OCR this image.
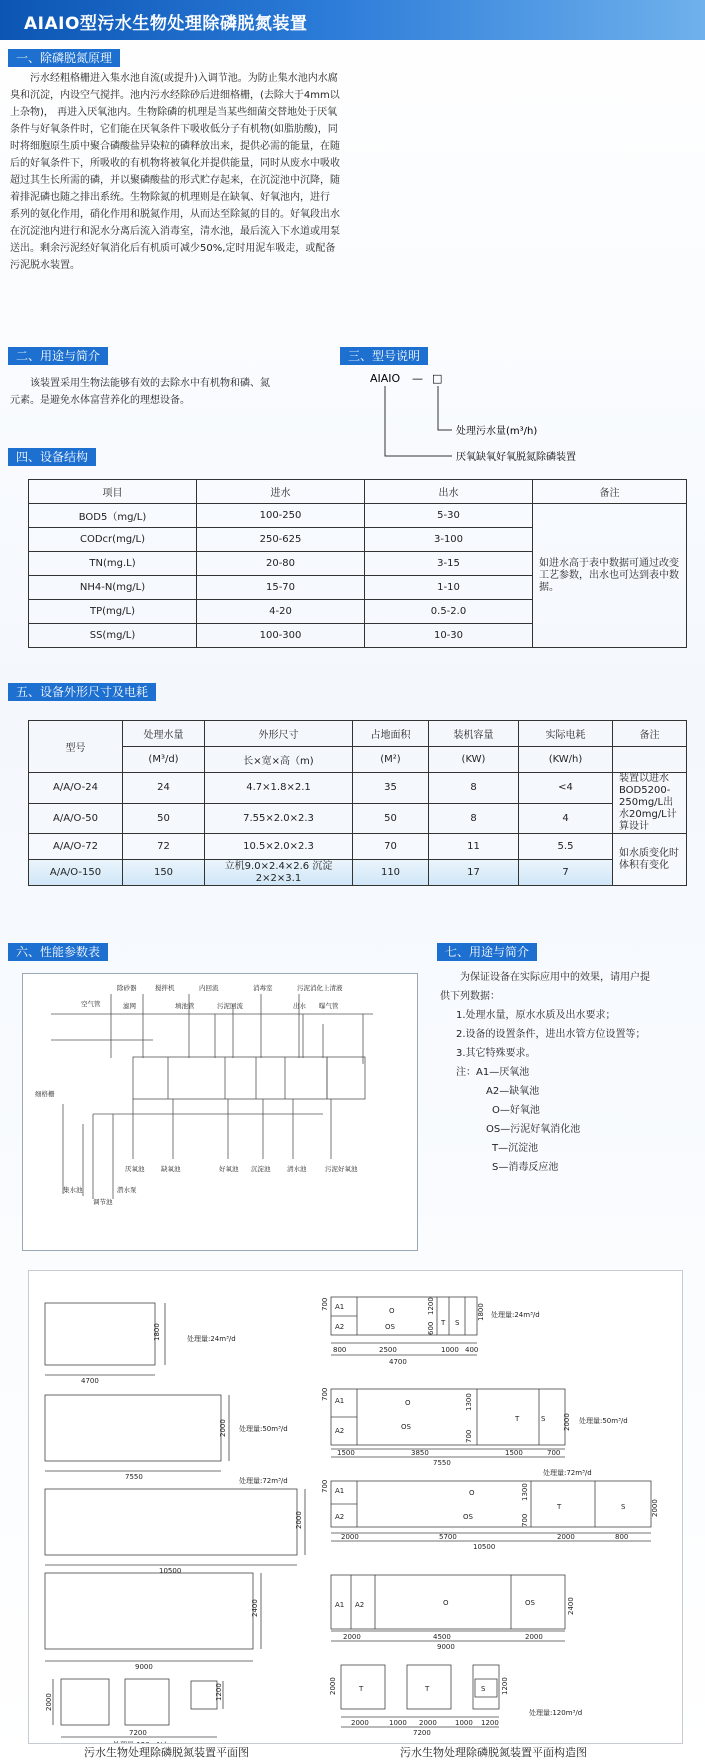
AIAIO型污水生物处理除磷脱氮装置
一、除磷脱氮原理
污水经粗格栅进入集水池自流(或提升)入调节池。为防止集水池内水腐
臭和沉淀，内设空气搅拌。池内污水经除砂后进细格栅，(去除大于4mm以
上杂物)， 再进入厌氧池内。生物除磷的机理是当某些细菌交替地处于厌氧
条件与好氧条件时，它们能在厌氧条件下吸收低分子有机物(如脂肪酸)，同
时将细胞原生质中聚合磷酸盐异染粒的磷释放出来，提供必需的能量，在随
后的好氧条件下，所吸收的有机物将被氧化并提供能量，同时从废水中吸收
超过其生长所需的磷，并以聚磷酸盐的形式贮存起来，在沉淀池中沉降，随
着排泥磷也随之排出系统。生物除氮的机理则是在缺氧、好氧池内，进行
系列的氨化作用，硝化作用和脱氮作用，从而达至除氮的目的。好氧段出水
在沉淀池内进行和泥水分离后流入消毒室，清水池，最后流入下水道或用泵
送出。剩余污泥经好氧消化后有机质可减少50%,定时用泥车吸走，或配备
污泥脱水装置。
二、用途与简介
该装置采用生物法能够有效的去除水中有机物和磷、氮
元素。是避免水体富营养化的理想设备。
三、型号说明
AIAIO — □
处理污水量(m³/h)
厌氧缺氧好氧脱氮除磷装置
四、设备结构
项目	进水	出水	备注
BOD5（mg/L)	100-250	5-30	如进水高于表中数据可通过改变工艺参数，出水也可达到表中数据。
CODcr(mg/L)	250-625	3-100	
TN(mg.L)	20-80	3-15	
NH4-N(mg/L)	15-70	1-10	
TP(mg/L)	4-20	0.5-2.0	
SS(mg/L)	100-300	10-30	
五、设备外形尺寸及电耗
型号	处理水量	外形尺寸	占地面积	装机容量	实际电耗	备注
	(M³/d)	长×宽×高（m)	(M²)	(KW)	(KW/h)	
A/A/O-24	24	4.7×1.8×2.1	35	8	<4	装置以进水BOD5200-250mg/L出水20mg/L计算设计
A/A/O-50	50	7.55×2.0×2.3	50	8	4	
A/A/O-72	72	10.5×2.0×2.3	70	11	5.5	如水质变化时体积有变化
A/A/O-150	150	立机9.0×2.4×2.6 沉淀2×2×3.1	110	17	7	
六、性能参数表
除砂器	搅拌机	内回流	消毒室	污泥消化上清液
空气管	滤网	填池管	污泥回流	出水 曝气管
细格栅
厌氧池	缺氧池	好氧池 沉淀池	清水池	污泥好氧池
集水池	潜水泵
调节池
七、用途与简介

为保证设备在实际应用中的效果，请用户提

供下列数据：

1.处理水量，原水水质及出水要求；

2.设备的设置条件，进出水管方位设置等；

3.其它特殊要求。

注：A1—厌氧池

A2—缺氧池

O—好氧池

OS—污泥好氧消化池

T—沉淀池

S—消毒反应池

4700
1800	处理量:24m³/d
7550
2000 处理量:50m³/d
处理量:72m³/d
10500
2000
9000
2400
2000
1200
7200
A1
A2
O
OS	T S
800	2500	1000 400
4700
700	1200
600
1800 处理量:24m³/d
A1
A2
O
OS
T	S
1500	3850	1500	700
7550
700	1300
700
2000 处理量:50m³/d
处理量:72m³/d
A1
A2
O
OS
T	S
2000	5700	2000	800
10500
700	1300
700
2000
A1 A2	O	OS
2000	4500	2000
9000
2400
T	T	S
2000	1000 2000	1000 1200
7200
2000	1200
处理量:120m³/d
污水生物处理除磷脱氮装置平面图	污水生物处理除磷脱氮装置平面构造图
